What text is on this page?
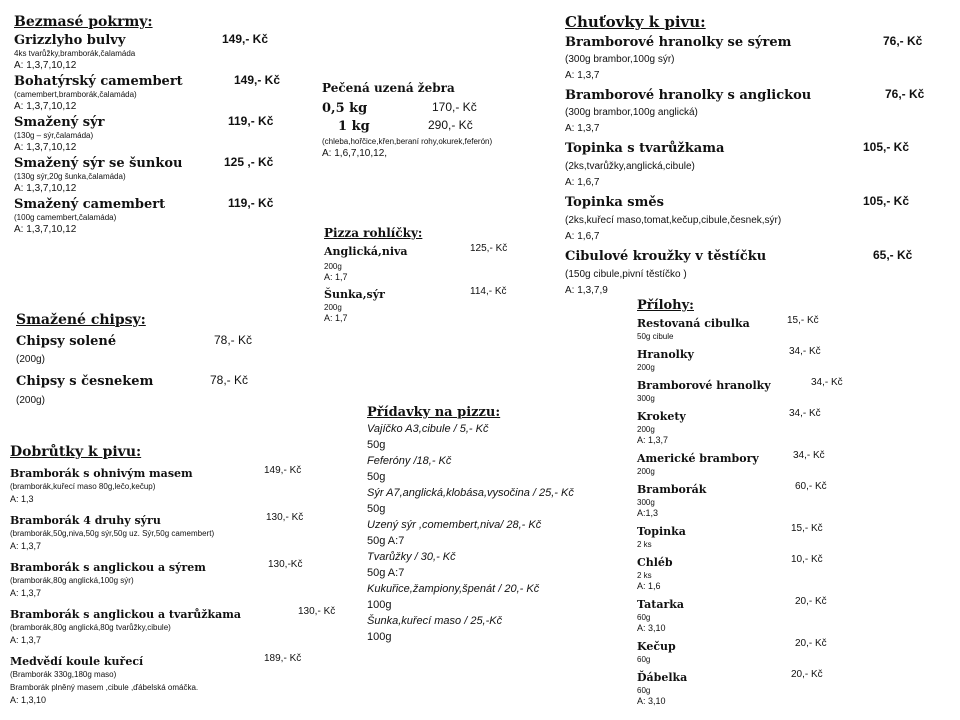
Bezmasé pokrmy:
Grizzlyho bulvy	149,- Kč
4ks tvarůžky,bramborák,čalamáda
A: 1,3,7,10,12
Bohatýrský camembert	149,- Kč
(camembert,bramborák,čalamáda)
A: 1,3,7,10,12
Smažený sýr	119,- Kč
(130g – sýr,čalamáda)
A: 1,3,7,10,12
Smažený sýr se šunkou	125 ,- Kč
(130g sýr,20g šunka,čalamáda)
A: 1,3,7,10,12
Smažený camembert	119,- Kč
(100g camembert,čalamáda)
A: 1,3,7,10,12
Pečená uzená žebra
0,5 kg	170,- Kč
1 kg	290,- Kč
(chleba,hořčice,křen,beraní rohy,okurek,feferón)
A: 1,6,7,10,12,
Pizza rohlíčky:
Anglická,niva	125,- Kč
200g
A: 1,7
Šunka,sýr	114,- Kč
200g
A: 1,7
Smažené chipsy:
Chipsy solené	78,- Kč
(200g)
Chipsy s česnekem	78,- Kč
(200g)
Dobrůtky k pivu:
Bramborák s ohnivým masem	149,- Kč
(bramborák,kuřecí maso 80g,lečo,kečup)
A: 1,3
Bramborák 4 druhy sýru	130,- Kč
(bramborák,50g,niva,50g sýr,50g uz. Sýr,50g camembert)
A: 1,3,7
Bramborák s anglickou a sýrem	130,-Kč
(bramborák,80g anglická,100g sýr)
A: 1,3,7
Bramborák s anglickou a tvarůžkama	130,- Kč
(bramborák,80g anglická,80g tvarůžky,cibule)
A: 1,3,7
Medvědí koule kuřecí	189,- Kč
(Bramborák 330g,180g maso)
Bramborák plněný masem ,cibule ,ďábelská omáčka.
A: 1,3,10
Přídavky na pizzu:
Vajíčko A3,cibule / 5,- Kč
50g
Feferóny /18,- Kč
50g
Sýr A7,anglická,klobása,vysočina / 25,- Kč
50g
Uzený sýr ,comembert,niva/ 28,- Kč
50g A:7
Tvarůžky / 30,- Kč
50g A:7
Kukuřice,žampiony,špenát / 20,- Kč
100g
Šunka,kuřecí maso / 25,-Kč
100g
Chuťovky k pivu:
Bramborové hranolky se sýrem	76,- Kč
(300g brambor,100g sýr)
A: 1,3,7
Bramborové hranolky s anglickou	76,- Kč
(300g brambor,100g anglická)
A: 1,3,7
Topinka s tvarůžkama	105,- Kč
(2ks,tvarůžky,anglická,cibule)
A: 1,6,7
Topinka směs	105,- Kč
(2ks,kuřecí maso,tomat,kečup,cibule,česnek,sýr)
A: 1,6,7
Cibulové kroužky v těstíčku	65,- Kč
(150g cibule,pivní těstíčko )
A: 1,3,7,9
Přílohy:
Restovaná cibulka	15,- Kč
50g cibule
Hranolky	34,- Kč
200g
Bramborové hranolky	34,- Kč
300g
Krokety	34,- Kč
200g
A: 1,3,7
Americké brambory	34,- Kč
200g
Bramborák	60,- Kč
300g
A:1,3
Topinka	15,- Kč
2 ks
Chléb	10,- Kč
2 ks
A: 1,6
Tatarka	20,- Kč
60g
A: 3,10
Kečup	20,- Kč
60g
Ďábelka	20,- Kč
60g
A: 3,10
